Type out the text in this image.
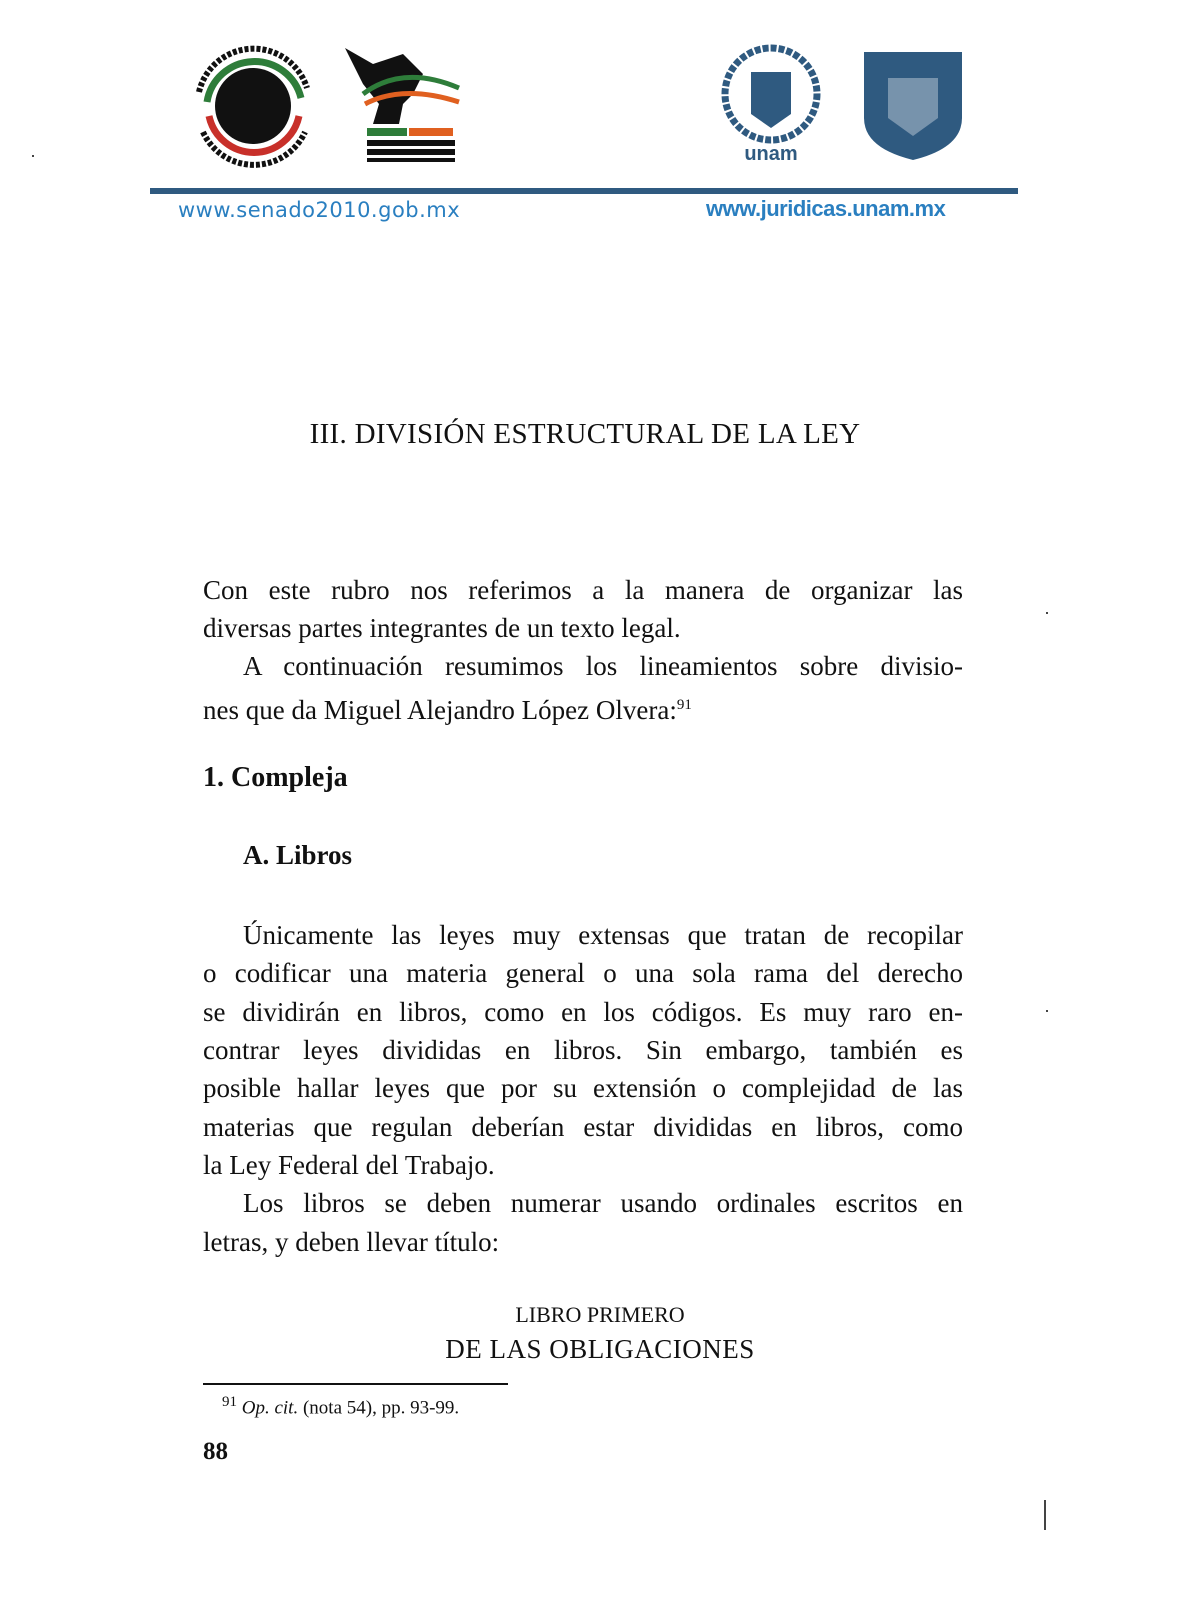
unam
www.senado2010.gob.mx	www.juridicas.unam.mx
III. DIVISIÓN ESTRUCTURAL DE LA LEY
Con este rubro nos referimos a la manera de organizar las
diversas partes integrantes de un texto legal.
A continuación resumimos los lineamientos sobre divisio-
nes que da Miguel Alejandro López Olvera:$^{91}$
1. Compleja
A. Libros
Únicamente las leyes muy extensas que tratan de recopilar
o codificar una materia general o una sola rama del derecho
se dividirán en libros, como en los códigos. Es muy raro en-
contrar leyes divididas en libros. Sin embargo, también es
posible hallar leyes que por su extensión o complejidad de las
materias que regulan deberían estar divididas en libros, como
la Ley Federal del Trabajo.
Los libros se deben numerar usando ordinales escritos en
letras, y deben llevar título:
LIBRO PRIMERO
DE LAS OBLIGACIONES
$^{91}$ Op. cit. (nota 54), pp. 93-99.
88
